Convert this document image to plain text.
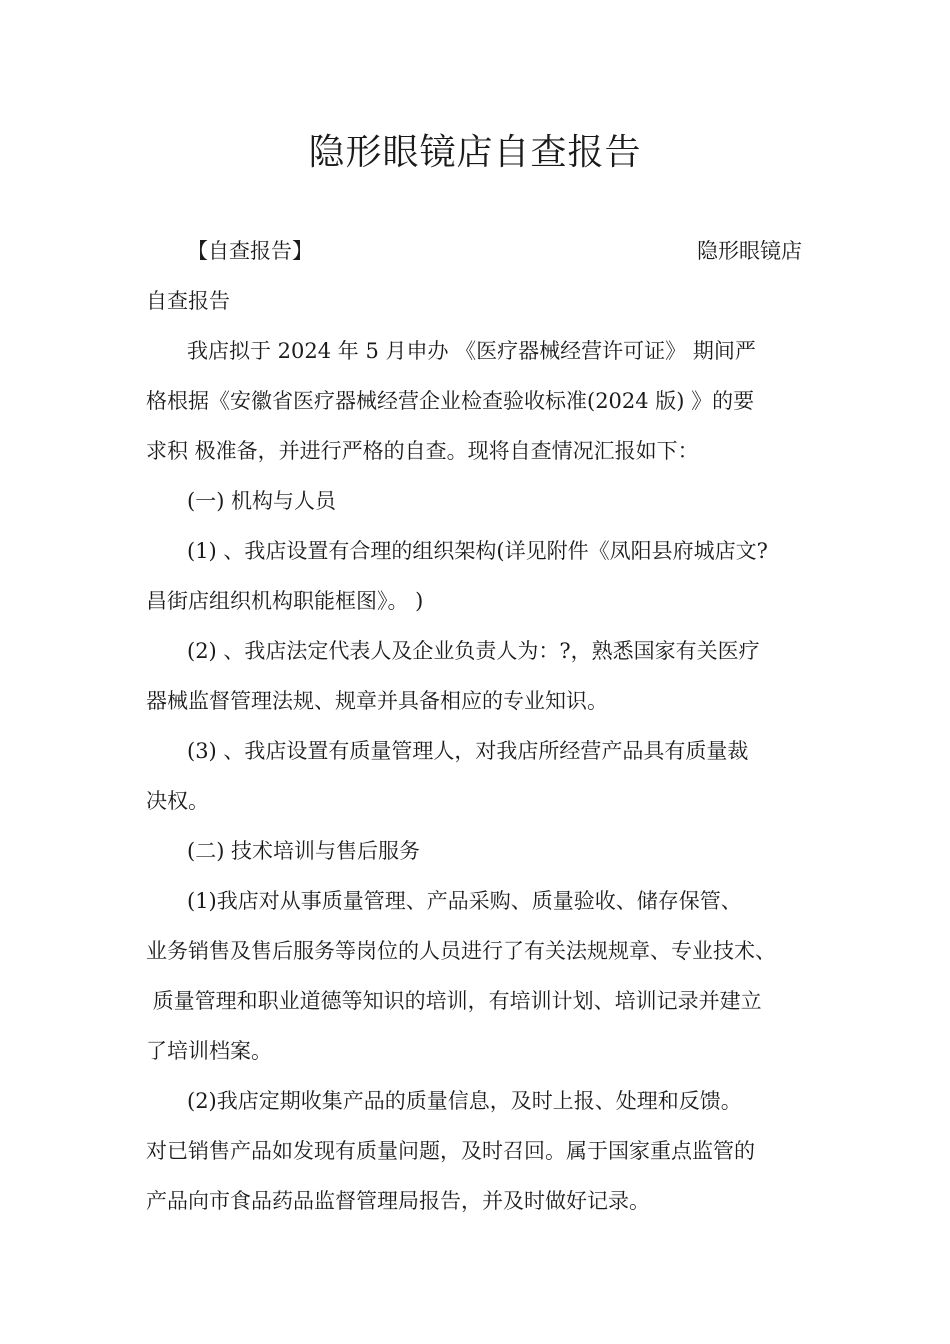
隐形眼镜店自查报告

【自查报告】	隐形眼镜店

自查报告

我店拟于 2024 年 5 月申办 《医疗器械经营许可证》 期间严

格根据《安徽省医疗器械经营企业检查验收标准(2024 版) 》的要

求积 极准备，并进行严格的自查。现将自查情况汇报如下：

(一) 机构与人员

(1) 、我店设置有合理的组织架构(详见附件《凤阳县府城店文?

昌街店组织机构职能框图》。 )

(2) 、我店法定代表人及企业负责人为：?，熟悉国家有关医疗

器械监督管理法规、规章并具备相应的专业知识。

(3) 、我店设置有质量管理人，对我店所经营产品具有质量裁

决权。

(二) 技术培训与售后服务

(1)我店对从事质量管理、产品采购、质量验收、储存保管、

业务销售及售后服务等岗位的人员进行了有关法规规章、专业技术、

质量管理和职业道德等知识的培训，有培训计划、培训记录并建立

了培训档案。

(2)我店定期收集产品的质量信息，及时上报、处理和反馈。

对已销售产品如发现有质量问题，及时召回。属于国家重点监管的

产品向市食品药品监督管理局报告，并及时做好记录。
